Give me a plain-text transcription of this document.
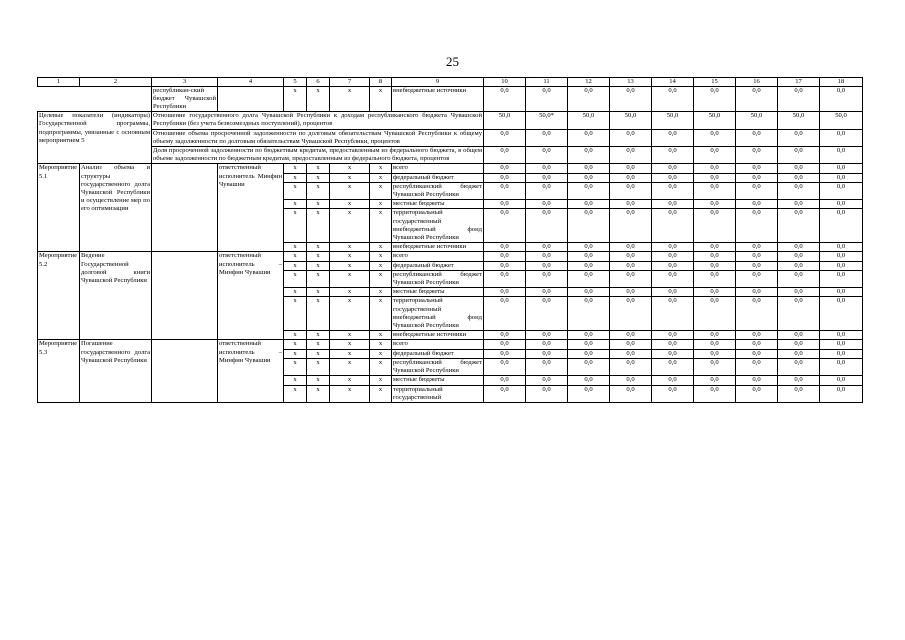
25
1	2	3	4	5	6	7	8	9	10	11	12	13	14	15	16	17	18
		республикан-ский бюджет Чувашской Республики		x	x	x	x	внебюджетные источники	0,0	0,0	0,0	0,0	0,0	0,0	0,0	0,0	0,0
Целевые показатели (индикаторы) Государственной программы, подпрограммы, увязанные с основным мероприятием 5		Отношение государственного долга Чувашской Республики к доходам республиканского бюджета Чувашской Республики (без учета безвозмездных поступлений), процентов							50,0	50,0*	50,0	50,0	50,0	50,0	50,0	50,0	50,0
		Отношение объема просроченной задолженности по долговым обязательствам Чувашской Республики к общему объему задолженности по долговым обязательствам Чувашской Республики, процентов							0,0	0,0	0,0	0,0	0,0	0,0	0,0	0,0	0,0
		Доля просроченной задолженности по бюджетным кредитам, предоставленным из федерального бюджета, в общем объеме задолженности по бюджетным кредитам, предоставленным из федерального бюджета, процентов							0,0	0,0	0,0	0,0	0,0	0,0	0,0	0,0	0,0
Мероприятие 5.1	Анализ объема и структуры государственного долга Чувашской Республики и осуществление мер по его оптимизации		ответственный исполнитель Минфин Чувашии	x	x	x	x	всего	0,0	0,0	0,0	0,0	0,0	0,0	0,0	0,0	0,0
				x	x	x	x	федеральный бюджет	0,0	0,0	0,0	0,0	0,0	0,0	0,0	0,0	0,0
				x	x	x	x	республиканский бюджет Чувашской Республики	0,0	0,0	0,0	0,0	0,0	0,0	0,0	0,0	0,0
				x	x	x	x	местные бюджеты	0,0	0,0	0,0	0,0	0,0	0,0	0,0	0,0	0,0
				x	x	x	x	территориальный государственный внебюджетный фонд Чувашской Республики	0,0	0,0	0,0	0,0	0,0	0,0	0,0	0,0	0,0
				x	x	x	x	внебюджетные источники	0,0	0,0	0,0	0,0	0,0	0,0	0,0	0,0	0,0
Мероприятие 5.2	Ведение Государственной долговой книги Чувашской Республики		ответственный исполнитель – Минфин Чувашии	x	x	x	x	всего	0,0	0,0	0,0	0,0	0,0	0,0	0,0	0,0	0,0
				x	x	x	x	федеральный бюджет	0,0	0,0	0,0	0,0	0,0	0,0	0,0	0,0	0,0
				x	x	x	x	республиканский бюджет Чувашской Республики	0,0	0,0	0,0	0,0	0,0	0,0	0,0	0,0	0,0
				x	x	x	x	местные бюджеты	0,0	0,0	0,0	0,0	0,0	0,0	0,0	0,0	0,0
				x	x	x	x	территориальный государственный внебюджетный фонд Чувашской Республики	0,0	0,0	0,0	0,0	0,0	0,0	0,0	0,0	0,0
				x	x	x	x	внебюджетные источники	0,0	0,0	0,0	0,0	0,0	0,0	0,0	0,0	0,0
Мероприятие 5.3	Погашение государственного долга Чувашской Республики		ответственный исполнитель – Минфин Чувашии	x	x	x	x	всего	0,0	0,0	0,0	0,0	0,0	0,0	0,0	0,0	0,0
				x	x	x	x	федеральный бюджет	0,0	0,0	0,0	0,0	0,0	0,0	0,0	0,0	0,0
				x	x	x	x	республиканский бюджет Чувашской Республики	0,0	0,0	0,0	0,0	0,0	0,0	0,0	0,0	0,0
				x	x	x	x	местные бюджеты	0,0	0,0	0,0	0,0	0,0	0,0	0,0	0,0	0,0
				x	x	x	x	территориальный государственный	0,0	0,0	0,0	0,0	0,0	0,0	0,0	0,0	0,0
